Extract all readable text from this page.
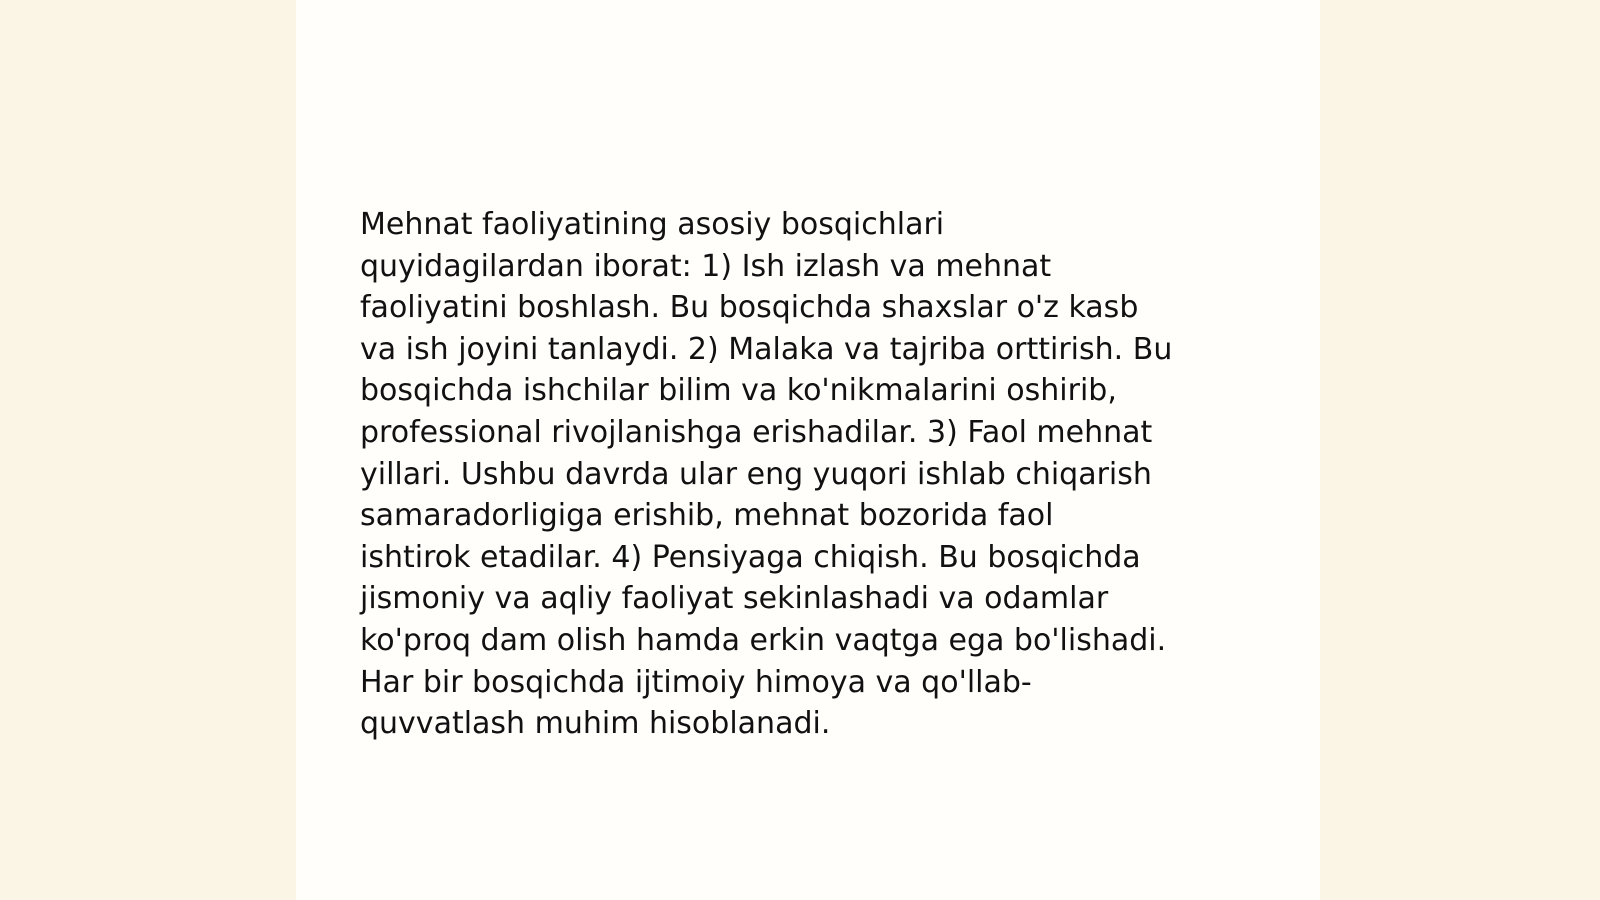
Mehnat faoliyatining asosiy bosqichlari
quyidagilardan iborat: 1) Ish izlash va mehnat
faoliyatini boshlash. Bu bosqichda shaxslar o'z kasb
va ish joyini tanlaydi. 2) Malaka va tajriba orttirish. Bu
bosqichda ishchilar bilim va ko'nikmalarini oshirib,
professional rivojlanishga erishadilar. 3) Faol mehnat
yillari. Ushbu davrda ular eng yuqori ishlab chiqarish
samaradorligiga erishib, mehnat bozorida faol
ishtirok etadilar. 4) Pensiyaga chiqish. Bu bosqichda
jismoniy va aqliy faoliyat sekinlashadi va odamlar
ko'proq dam olish hamda erkin vaqtga ega bo'lishadi.
Har bir bosqichda ijtimoiy himoya va qo'llab-
quvvatlash muhim hisoblanadi.
